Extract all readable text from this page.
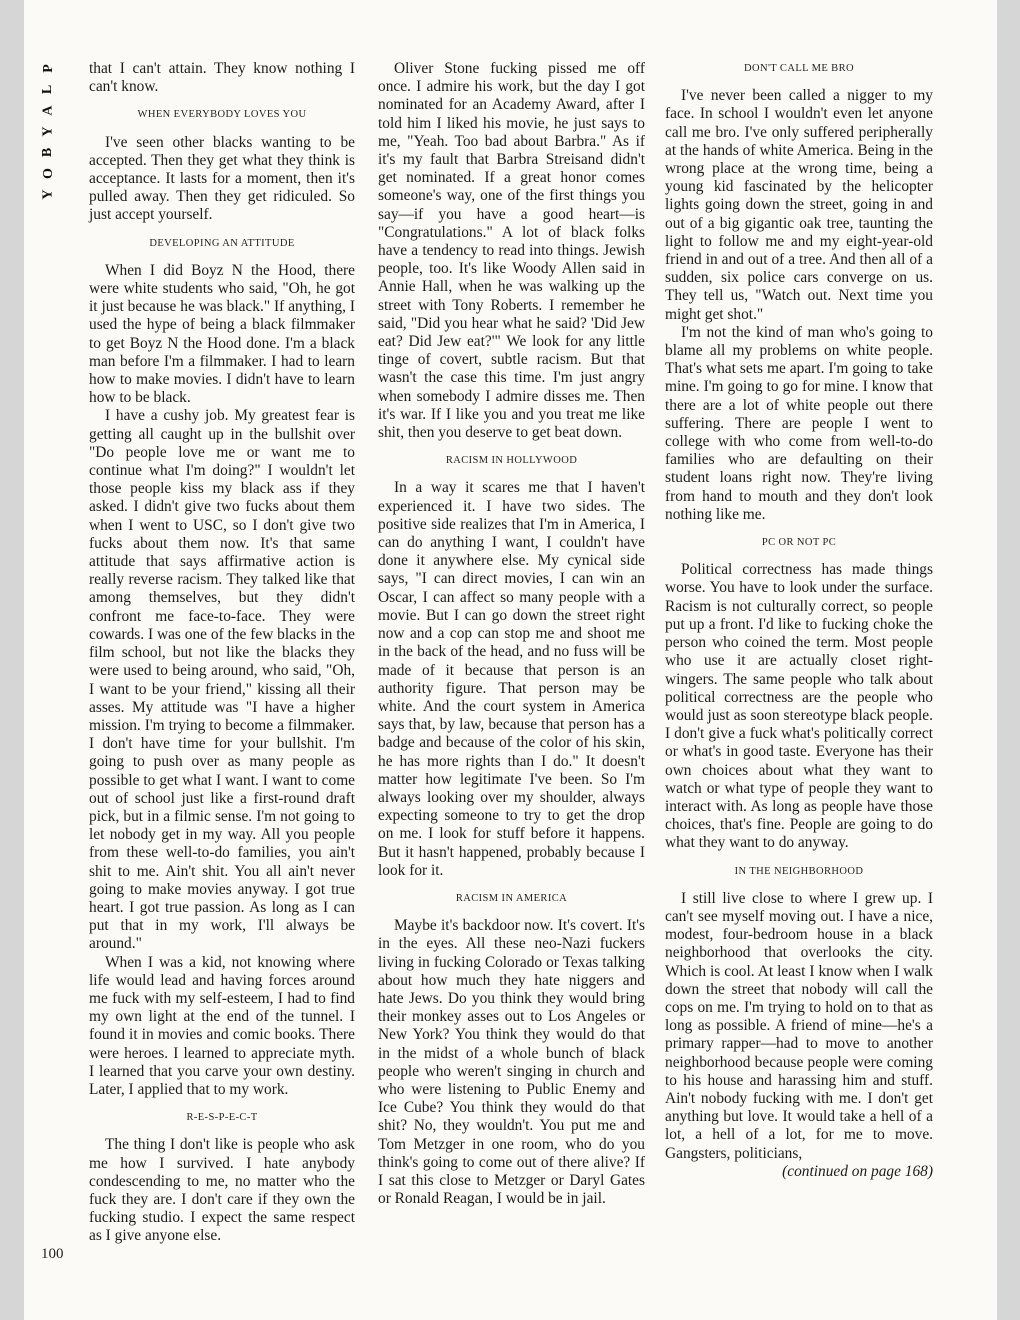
P
L
A
Y
B
O
Y
100

that I can't attain. They know nothing I can't know.

WHEN EVERYBODY LOVES YOU

I've seen other blacks wanting to be accepted. Then they get what they think is acceptance. It lasts for a moment, then it's pulled away. Then they get ridiculed. So just accept yourself.

DEVELOPING AN ATTITUDE

When I did Boyz N the Hood, there were white students who said, "Oh, he got it just because he was black." If anything, I used the hype of being a black filmmaker to get Boyz N the Hood done. I'm a black man before I'm a filmmaker. I had to learn how to make movies. I didn't have to learn how to be black.

I have a cushy job. My greatest fear is getting all caught up in the bullshit over "Do people love me or want me to continue what I'm doing?" I wouldn't let those people kiss my black ass if they asked. I didn't give two fucks about them when I went to USC, so I don't give two fucks about them now. It's that same attitude that says affirmative action is really reverse racism. They talked like that among themselves, but they didn't confront me face-to-face. They were cowards. I was one of the few blacks in the film school, but not like the blacks they were used to being around, who said, "Oh, I want to be your friend," kissing all their asses. My attitude was "I have a higher mission. I'm trying to become a filmmaker. I don't have time for your bullshit. I'm going to push over as many people as possible to get what I want. I want to come out of school just like a first-round draft pick, but in a filmic sense. I'm not going to let nobody get in my way. All you people from these well-to-do families, you ain't shit to me. Ain't shit. You all ain't never going to make movies anyway. I got true heart. I got true passion. As long as I can put that in my work, I'll always be around."

When I was a kid, not knowing where life would lead and having forces around me fuck with my self-esteem, I had to find my own light at the end of the tunnel. I found it in movies and comic books. There were heroes. I learned to appreciate myth. I learned that you carve your own destiny. Later, I applied that to my work.

R-E-S-P-E-C-T

The thing I don't like is people who ask me how I survived. I hate anybody condescending to me, no matter who the fuck they are. I don't care if they own the fucking studio. I expect the same respect as I give anyone else.

Oliver Stone fucking pissed me off once. I admire his work, but the day I got nominated for an Academy Award, after I told him I liked his movie, he just says to me, "Yeah. Too bad about Barbra." As if it's my fault that Barbra Streisand didn't get nominated. If a great honor comes someone's way, one of the first things you say—if you have a good heart—is "Congratulations." A lot of black folks have a tendency to read into things. Jewish people, too. It's like Woody Allen said in Annie Hall, when he was walking up the street with Tony Roberts. I remember he said, "Did you hear what he said? 'Did Jew eat? Did Jew eat?'" We look for any little tinge of covert, subtle racism. But that wasn't the case this time. I'm just angry when somebody I admire disses me. Then it's war. If I like you and you treat me like shit, then you deserve to get beat down.

RACISM IN HOLLYWOOD

In a way it scares me that I haven't experienced it. I have two sides. The positive side realizes that I'm in America, I can do anything I want, I couldn't have done it anywhere else. My cynical side says, "I can direct movies, I can win an Oscar, I can affect so many people with a movie. But I can go down the street right now and a cop can stop me and shoot me in the back of the head, and no fuss will be made of it because that person is an authority figure. That person may be white. And the court system in America says that, by law, because that person has a badge and because of the color of his skin, he has more rights than I do." It doesn't matter how legitimate I've been. So I'm always looking over my shoulder, always expecting someone to try to get the drop on me. I look for stuff before it happens. But it hasn't happened, probably because I look for it.

RACISM IN AMERICA

Maybe it's backdoor now. It's covert. It's in the eyes. All these neo-Nazi fuckers living in fucking Colorado or Texas talking about how much they hate niggers and hate Jews. Do you think they would bring their monkey asses out to Los Angeles or New York? You think they would do that in the midst of a whole bunch of black people who weren't singing in church and who were listening to Public Enemy and Ice Cube? You think they would do that shit? No, they wouldn't. You put me and Tom Metzger in one room, who do you think's going to come out of there alive? If I sat this close to Metzger or Daryl Gates or Ronald Reagan, I would be in jail.

DON'T CALL ME BRO

I've never been called a nigger to my face. In school I wouldn't even let anyone call me bro. I've only suffered peripherally at the hands of white America. Being in the wrong place at the wrong time, being a young kid fascinated by the helicopter lights going down the street, going in and out of a big gigantic oak tree, taunting the light to follow me and my eight-year-old friend in and out of a tree. And then all of a sudden, six police cars converge on us. They tell us, "Watch out. Next time you might get shot."

I'm not the kind of man who's going to blame all my problems on white people. That's what sets me apart. I'm going to take mine. I'm going to go for mine. I know that there are a lot of white people out there suffering. There are people I went to college with who come from well-to-do families who are defaulting on their student loans right now. They're living from hand to mouth and they don't look nothing like me.

PC OR NOT PC

Political correctness has made things worse. You have to look under the surface. Racism is not culturally correct, so people put up a front. I'd like to fucking choke the person who coined the term. Most people who use it are actually closet right-wingers. The same people who talk about political correctness are the people who would just as soon stereotype black people. I don't give a fuck what's politically correct or what's in good taste. Everyone has their own choices about what they want to watch or what type of people they want to interact with. As long as people have those choices, that's fine. People are going to do what they want to do anyway.

IN THE NEIGHBORHOOD

I still live close to where I grew up. I can't see myself moving out. I have a nice, modest, four-bedroom house in a black neighborhood that overlooks the city. Which is cool. At least I know when I walk down the street that nobody will call the cops on me. I'm trying to hold on to that as long as possible. A friend of mine—he's a primary rapper—had to move to another neighborhood because people were coming to his house and harassing him and stuff. Ain't nobody fucking with me. I don't get anything but love. It would take a hell of a lot, a hell of a lot, for me to move. Gangsters, politicians,

(continued on page 168)
